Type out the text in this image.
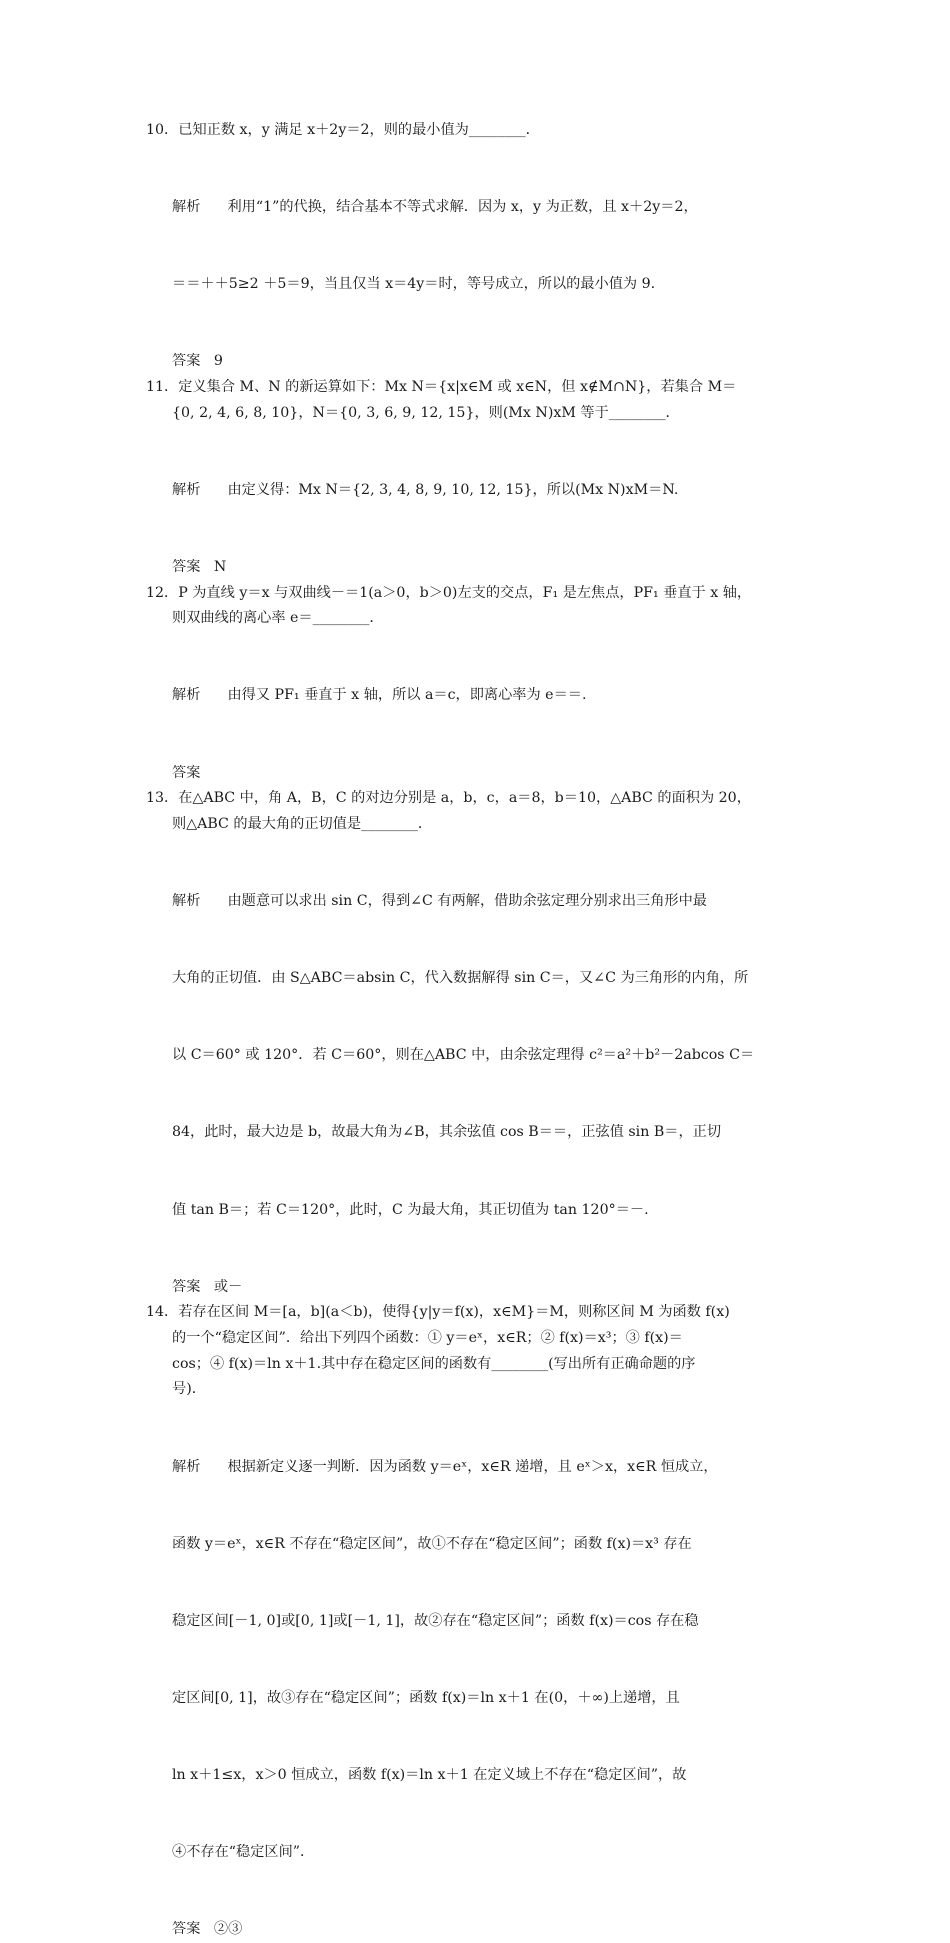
10．已知正数 x，y 满足 x＋2y＝2，则的最小值为________．

解析 利用“1”的代换，结合基本不等式求解．因为 x，y 为正数，且 x＋2y＝2，

＝＝＋＋5≥2 ＋5＝9，当且仅当 x＝4y＝时，等号成立，所以的最小值为 9.

答案 9

11．定义集合 M、N 的新运算如下：Mx N＝{x|x∈M 或 x∈N，但 x∉M∩N}，若集合 M＝
{0, 2, 4, 6, 8, 10}，N＝{0, 3, 6, 9, 12, 15}，则(Mx N)xM 等于________．

解析 由定义得：Mx N＝{2, 3, 4, 8, 9, 10, 12, 15}，所以(Mx N)xM＝N.

答案 N

12．P 为直线 y＝x 与双曲线－＝1(a＞0，b＞0)左支的交点，F₁ 是左焦点，PF₁ 垂直于 x 轴，
则双曲线的离心率 e＝________．

解析 由得又 PF₁ 垂直于 x 轴，所以 a＝c，即离心率为 e＝＝.

答案

13．在△ABC 中，角 A，B，C 的对边分别是 a，b，c，a＝8，b＝10，△ABC 的面积为 20，
则△ABC 的最大角的正切值是________．

解析 由题意可以求出 sin C，得到∠C 有两解，借助余弦定理分别求出三角形中最

大角的正切值．由 S△ABC＝absin C，代入数据解得 sin C＝，又∠C 为三角形的内角，所

以 C＝60° 或 120°．若 C＝60°，则在△ABC 中，由余弦定理得 c²＝a²＋b²－2abcos C＝

84，此时，最大边是 b，故最大角为∠B，其余弦值 cos B＝＝，正弦值 sin B＝，正切

值 tan B＝；若 C＝120°，此时，C 为最大角，其正切值为 tan 120°＝－.

答案 或－

14．若存在区间 M＝[a，b](a＜b)，使得{y|y＝f(x)，x∈M}＝M，则称区间 M 为函数 f(x)
的一个“稳定区间”．给出下列四个函数：① y＝eˣ，x∈R；② f(x)＝x³；③ f(x)＝
cos；④ f(x)＝ln x＋1.其中存在稳定区间的函数有________(写出所有正确命题的序
号)．

解析 根据新定义逐一判断．因为函数 y＝eˣ，x∈R 递增，且 eˣ＞x，x∈R 恒成立，

函数 y＝eˣ，x∈R 不存在“稳定区间”，故①不存在“稳定区间”；函数 f(x)＝x³ 存在

稳定区间[－1, 0]或[0, 1]或[－1, 1]，故②存在“稳定区间”；函数 f(x)＝cos 存在稳

定区间[0, 1]，故③存在“稳定区间”；函数 f(x)＝ln x＋1 在(0，＋∞)上递增，且

ln x＋1≤x，x＞0 恒成立，函数 f(x)＝ln x＋1 在定义域上不存在“稳定区间”，故

④不存在“稳定区间”．

答案 ②③
